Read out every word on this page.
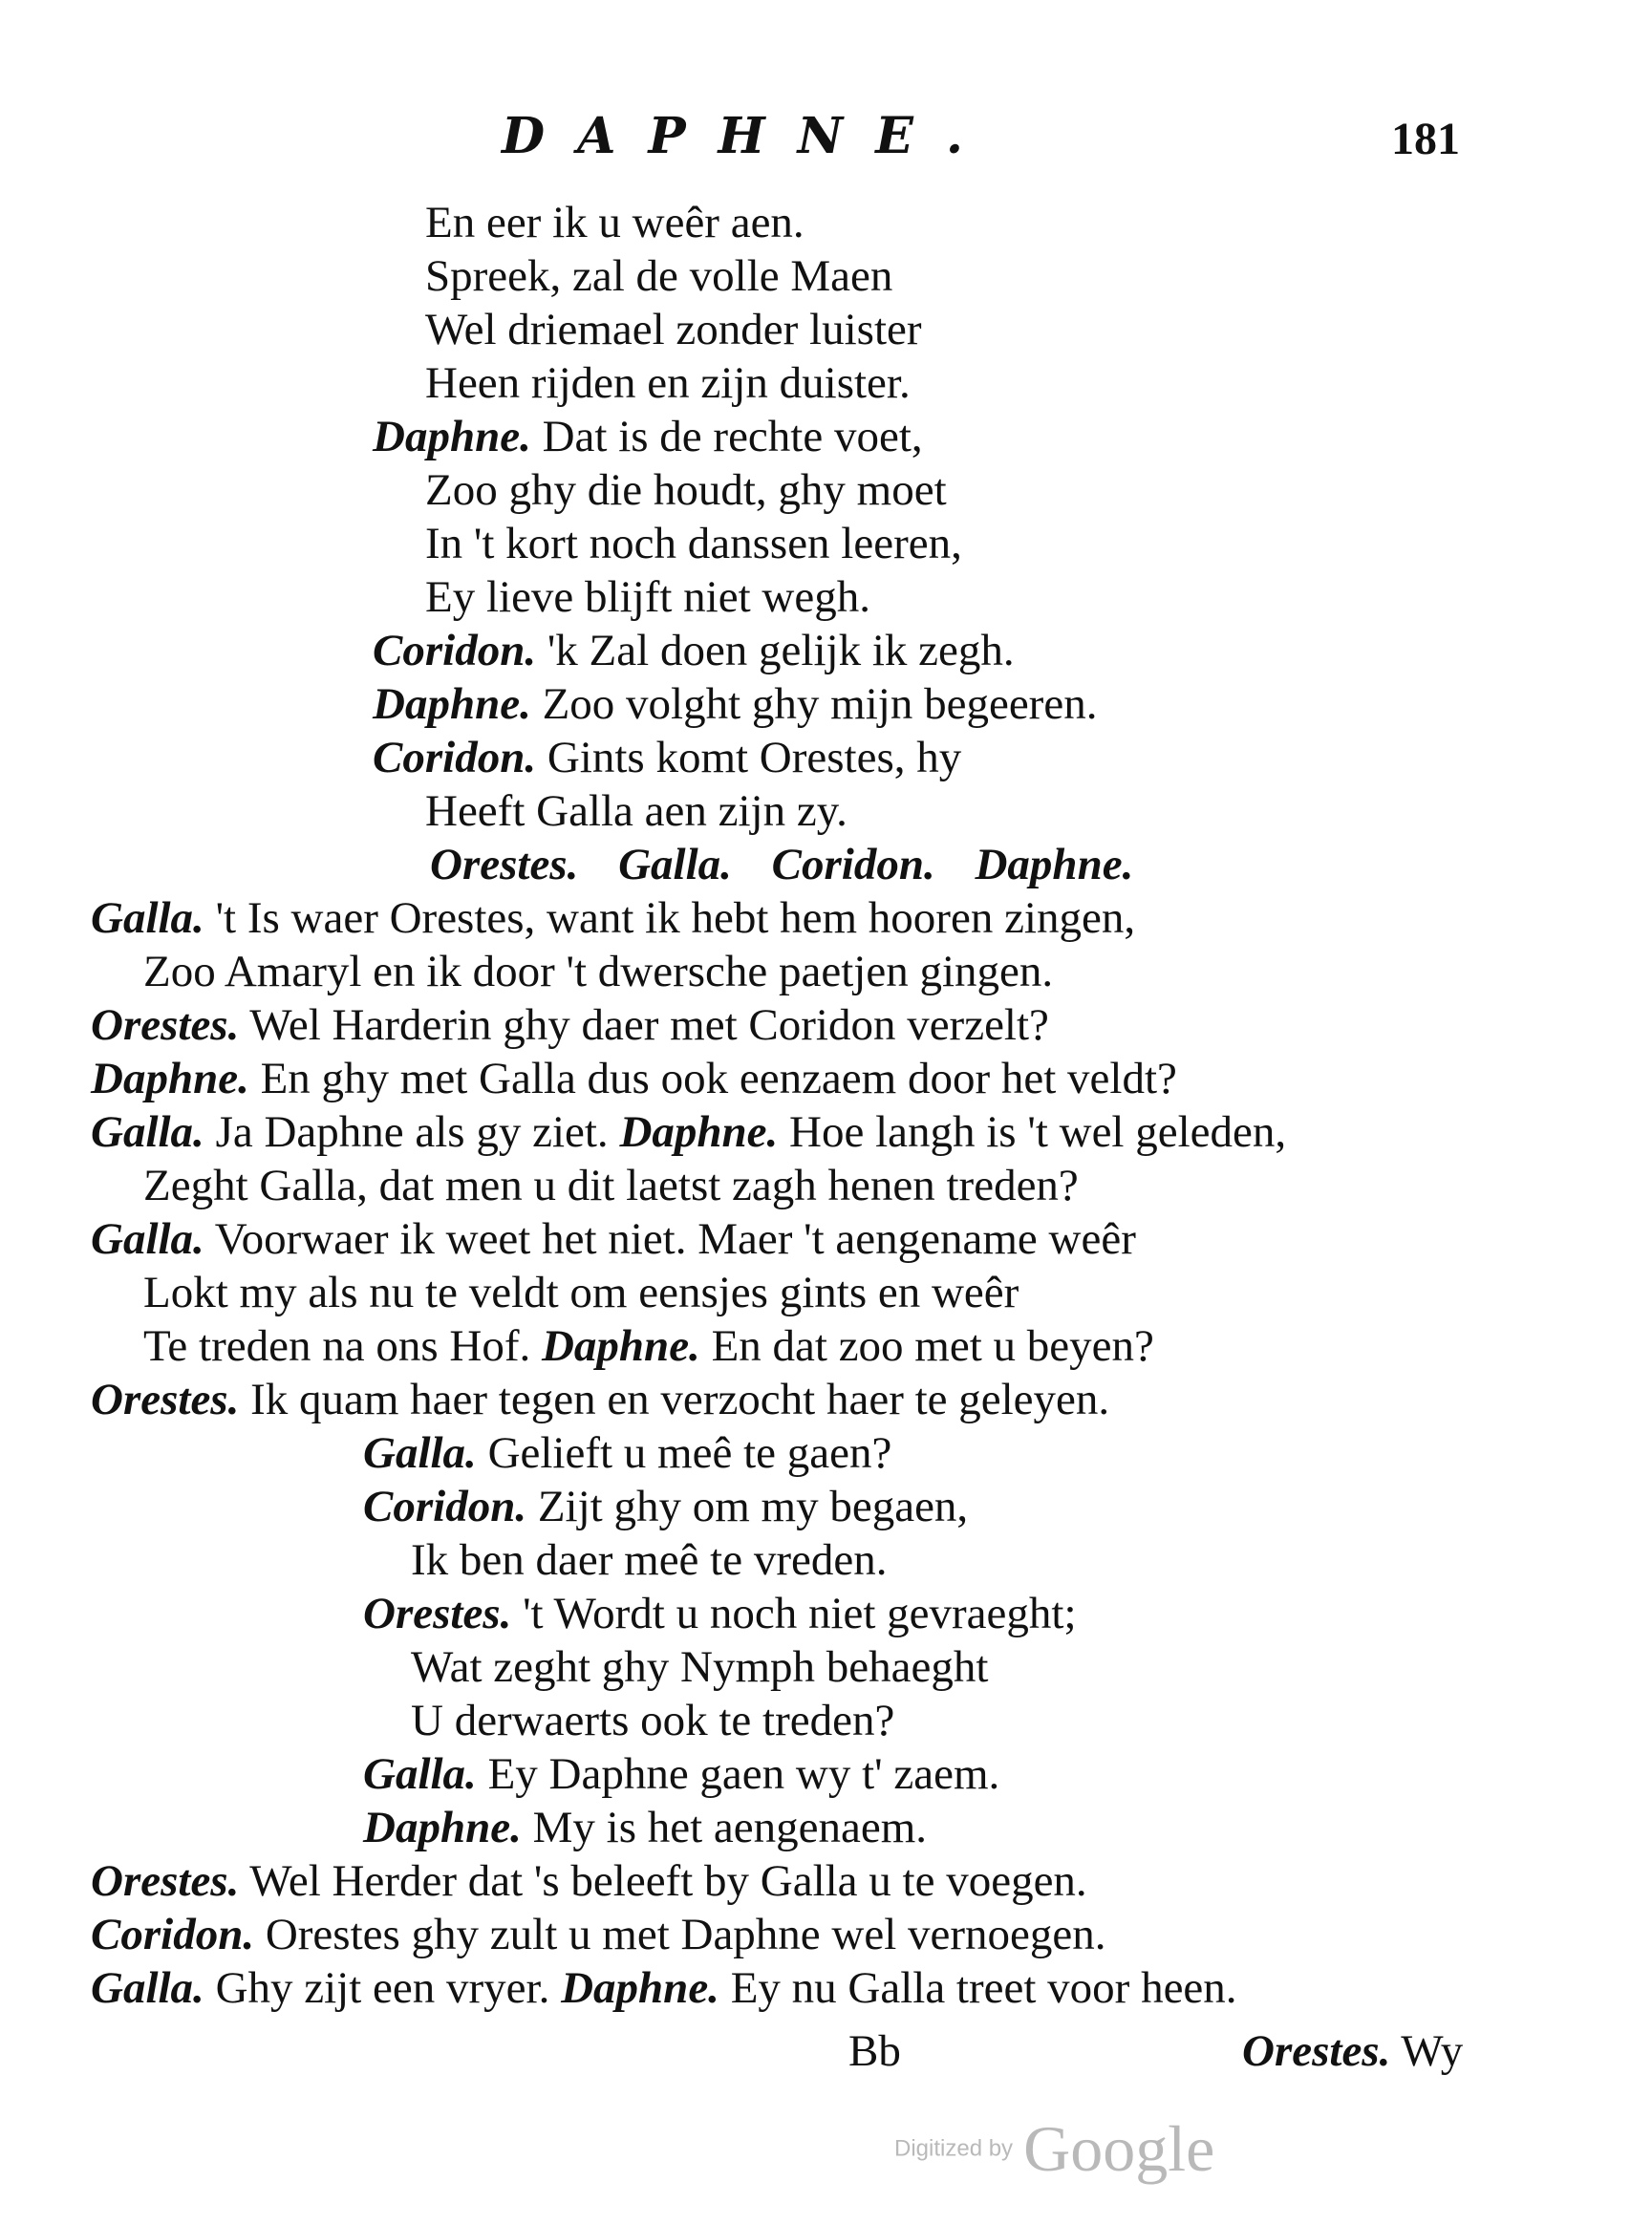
DAPHNE.	181
En eer ik u weêr aen.
Spreek, zal de volle Maen
Wel driemael zonder luister
Heen rijden en zijn duister.
Daphne. Dat is de rechte voet,
Zoo ghy die houdt, ghy moet
In 't kort noch danssen leeren,
Ey lieve blijft niet wegh.
Coridon. 'k Zal doen gelijk ik zegh.
Daphne. Zoo volght ghy mijn begeeren.
Coridon. Gints komt Orestes, hy
Heeft Galla aen zijn zy.
Orestes. Galla. Coridon. Daphne.
Galla. 't Is waer Orestes, want ik hebt hem hooren zingen,
Zoo Amaryl en ik door 't dwersche paetjen gingen.
Orestes. Wel Harderin ghy daer met Coridon verzelt?
Daphne. En ghy met Galla dus ook eenzaem door het veldt?
Galla. Ja Daphne als gy ziet. Daphne. Hoe langh is 't wel geleden,
Zeght Galla, dat men u dit laetst zagh henen treden?
Galla. Voorwaer ik weet het niet. Maer 't aengename weêr
Lokt my als nu te veldt om eensjes gints en weêr
Te treden na ons Hof. Daphne. En dat zoo met u beyen?
Orestes. Ik quam haer tegen en verzocht haer te geleyen.
Galla. Gelieft u meê te gaen?
Coridon. Zijt ghy om my begaen,
Ik ben daer meê te vreden.
Orestes. 't Wordt u noch niet gevraeght;
Wat zeght ghy Nymph behaeght
U derwaerts ook te treden?
Galla. Ey Daphne gaen wy t' zaem.
Daphne. My is het aengenaem.
Orestes. Wel Herder dat 's beleeft by Galla u te voegen.
Coridon. Orestes ghy zult u met Daphne wel vernoegen.
Galla. Ghy zijt een vryer. Daphne. Ey nu Galla treet voor heen.
Bb	Orestes. Wy
Digitized by Google
